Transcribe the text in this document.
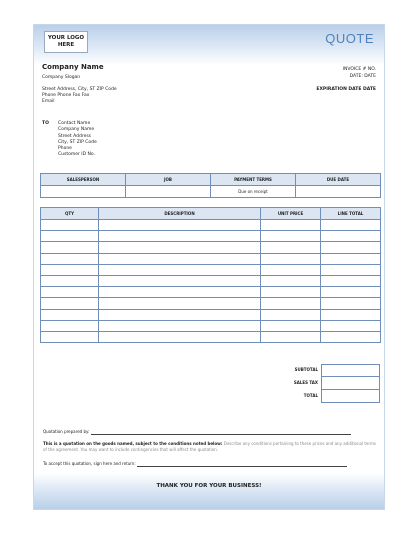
YOUR LOGO HERE	QUOTE
Company Name
Company Slogan
INVOICE # NO.
DATE: DATE
Street Address, City, ST ZIP Code
Phone Phone Fax Fax
Email
EXPIRATION DATE DATE
TO Contact Name
Company Name
Street Address
City, ST ZIP Code
Phone
Customer ID No.
SALESPERSON	JOB	PAYMENT TERMS	DUE DATE
		Due on receipt	
QTY	DESCRIPTION	UNIT PRICE	LINE TOTAL

SUBTOTAL
SALES TAX
TOTAL
Quotation prepared by:
This is a quotation on the goods named, subject to the conditions noted below: Describe any conditions pertaining to these prices and any additional terms of the agreement. You may want to include contingencies that will affect the quotation.
To accept this quotation, sign here and return:
THANK YOU FOR YOUR BUSINESS!
